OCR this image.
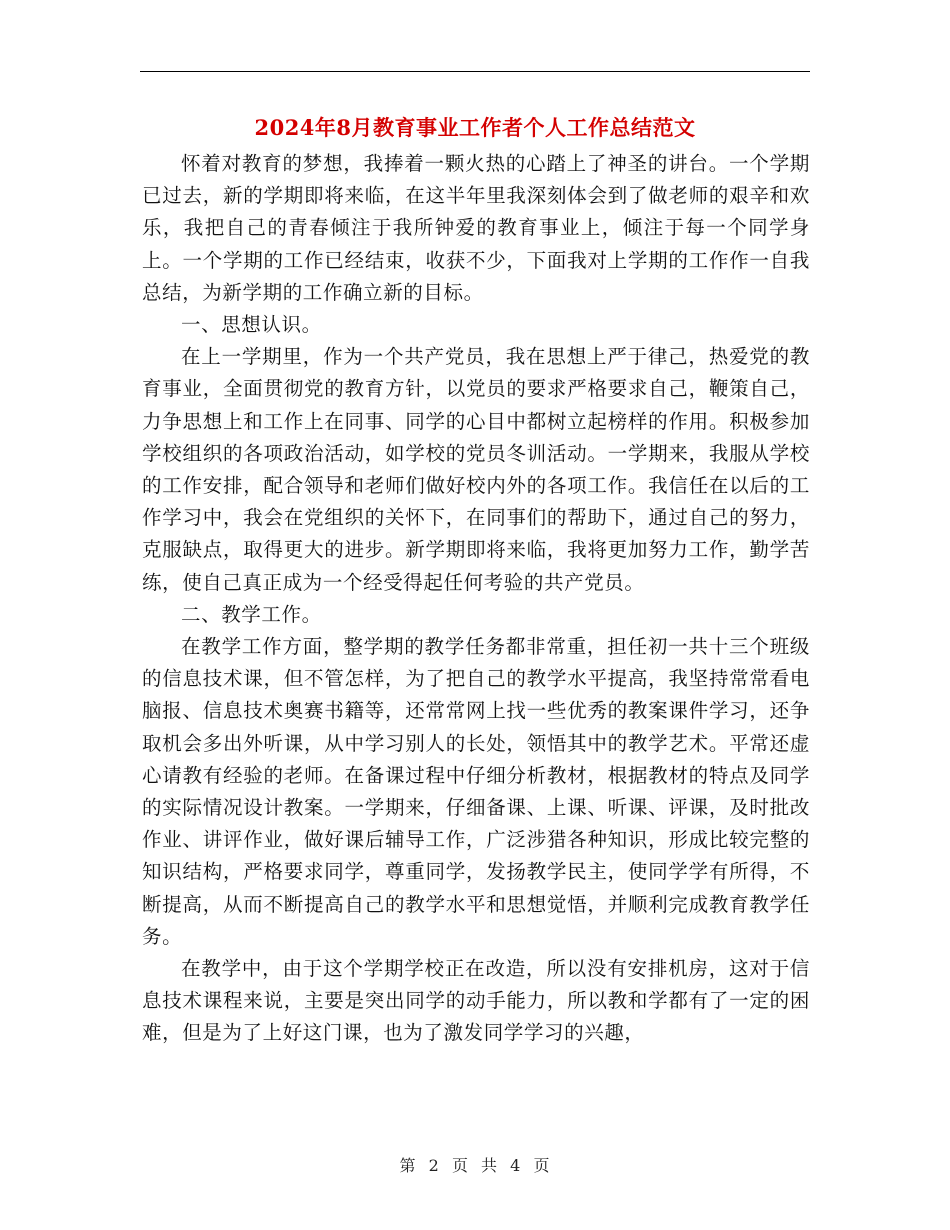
2024年8月教育事业工作者个人工作总结范文

怀着对教育的梦想，我捧着一颗火热的心踏上了神圣的讲台。一个学期已过去，新的学期即将来临，在这半年里我深刻体会到了做老师的艰辛和欢乐，我把自己的青春倾注于我所钟爱的教育事业上，倾注于每一个同学身上。一个学期的工作已经结束，收获不少，下面我对上学期的工作作一自我总结，为新学期的工作确立新的目标。

一、思想认识。

在上一学期里，作为一个共产党员，我在思想上严于律己，热爱党的教育事业，全面贯彻党的教育方针，以党员的要求严格要求自己，鞭策自己，力争思想上和工作上在同事、同学的心目中都树立起榜样的作用。积极参加学校组织的各项政治活动，如学校的党员冬训活动。一学期来，我服从学校的工作安排，配合领导和老师们做好校内外的各项工作。我信任在以后的工作学习中，我会在党组织的关怀下，在同事们的帮助下，通过自己的努力，克服缺点，取得更大的进步。新学期即将来临，我将更加努力工作，勤学苦练，使自己真正成为一个经受得起任何考验的共产党员。

二、教学工作。

在教学工作方面，整学期的教学任务都非常重，担任初一共十三个班级的信息技术课，但不管怎样，为了把自己的教学水平提高，我坚持常常看电脑报、信息技术奥赛书籍等，还常常网上找一些优秀的教案课件学习，还争取机会多出外听课，从中学习别人的长处，领悟其中的教学艺术。平常还虚心请教有经验的老师。在备课过程中仔细分析教材，根据教材的特点及同学的实际情况设计教案。一学期来，仔细备课、上课、听课、评课，及时批改作业、讲评作业，做好课后辅导工作，广泛涉猎各种知识，形成比较完整的知识结构，严格要求同学，尊重同学，发扬教学民主，使同学学有所得，不断提高，从而不断提高自己的教学水平和思想觉悟，并顺利完成教育教学任务。

在教学中，由于这个学期学校正在改造，所以没有安排机房，这对于信息技术课程来说，主要是突出同学的动手能力，所以教和学都有了一定的困难，但是为了上好这门课，也为了激发同学学习的兴趣，

第 2 页 共 4 页
